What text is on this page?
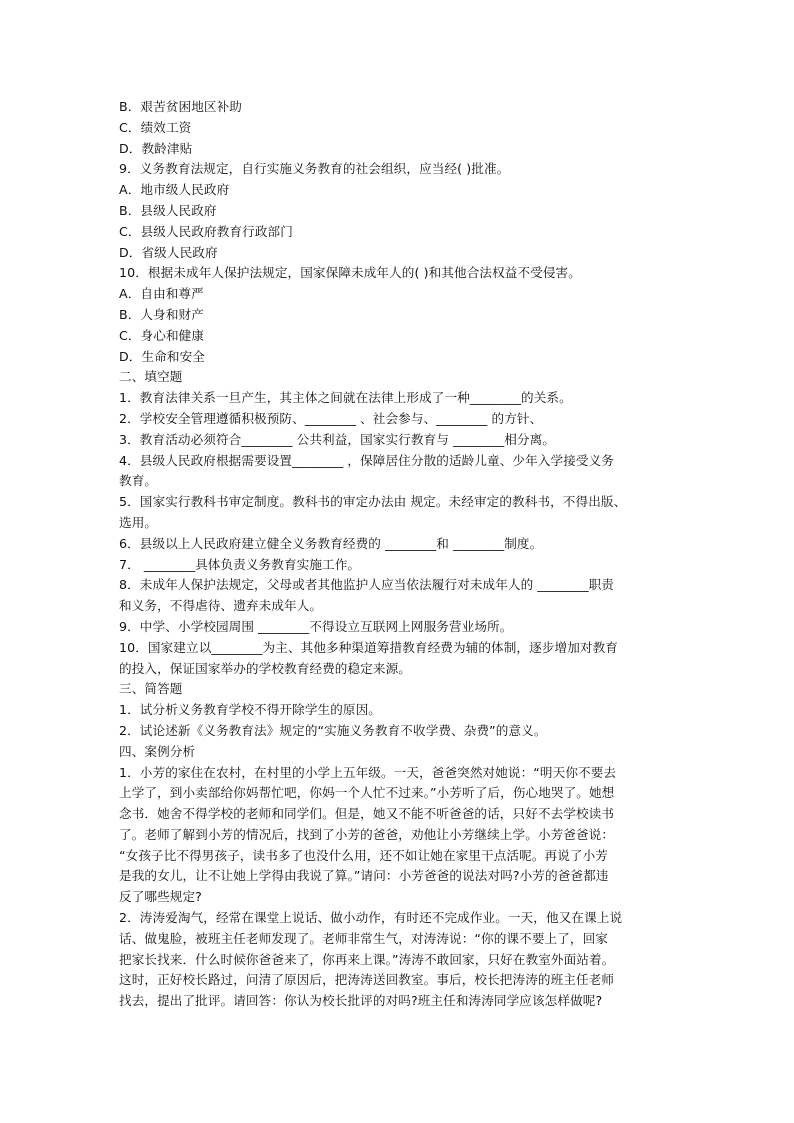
B．艰苦贫困地区补助

C．绩效工资

D．教龄津贴

9．义务教育法规定，自行实施义务教育的社会组织，应当经( )批准。

A．地市级人民政府

B．县级人民政府

C．县级人民政府教育行政部门

D．省级人民政府

10．根据未成年人保护法规定，国家保障未成年人的( )和其他合法权益不受侵害。

A．自由和尊严

B．人身和财产

C．身心和健康

D．生命和安全

二、填空题

1．教育法律关系一旦产生，其主体之间就在法律上形成了一种________的关系。

2．学校安全管理遵循积极预防、________ 、社会参与、________ 的方针、

3．教育活动必须符合________ 公共利益，国家实行教育与 ________相分离。

4．县级人民政府根据需要设置________ ，保障居住分散的适龄儿童、少年入学接受义务

教育。

5．国家实行教科书审定制度。教科书的审定办法由 规定。未经审定的教科书，不得出版、

选用。

6．县级以上人民政府建立健全义务教育经费的 ________和 ________制度。

7． ________具体负责义务教育实施工作。

8．未成年人保护法规定，父母或者其他监护人应当依法履行对未成年人的 ________职责

和义务，不得虐待、遗弃未成年人。

9．中学、小学校园周围 ________不得设立互联网上网服务营业场所。

10．国家建立以________为主、其他多种渠道筹措教育经费为辅的体制，逐步增加对教育

的投入，保证国家举办的学校教育经费的稳定来源。

三、简答题

1．试分析义务教育学校不得开除学生的原因。

2．试论述新《义务教育法》规定的“实施义务教育不收学费、杂费”的意义。

四、案例分析

1．小芳的家住在农村，在村里的小学上五年级。一天，爸爸突然对她说：“明天你不要去

上学了，到小卖部给你妈帮忙吧，你妈一个人忙不过来。”小芳听了后，伤心地哭了。她想

念书．她舍不得学校的老师和同学们。但是，她又不能不听爸爸的话，只好不去学校读书

了。老师了解到小芳的情况后，找到了小芳的爸爸，劝他让小芳继续上学。小芳爸爸说：

“女孩子比不得男孩子，读书多了也没什么用，还不如让她在家里干点活呢。再说了小芳

是我的女儿，让不让她上学得由我说了算。”请问：小芳爸爸的说法对吗?小芳的爸爸都违

反了哪些规定?

2．涛涛爱淘气，经常在课堂上说话、做小动作，有时还不完成作业。一天，他又在课上说

话、做鬼脸，被班主任老师发现了。老师非常生气，对涛涛说：“你的课不要上了，回家

把家长找来．什么时候你爸爸来了，你再来上课。”涛涛不敢回家，只好在教室外面站着。

这时，正好校长路过，问清了原因后，把涛涛送回教室。事后，校长把涛涛的班主任老师

找去，提出了批评。请回答：你认为校长批评的对吗?班主任和涛涛同学应该怎样做呢?
